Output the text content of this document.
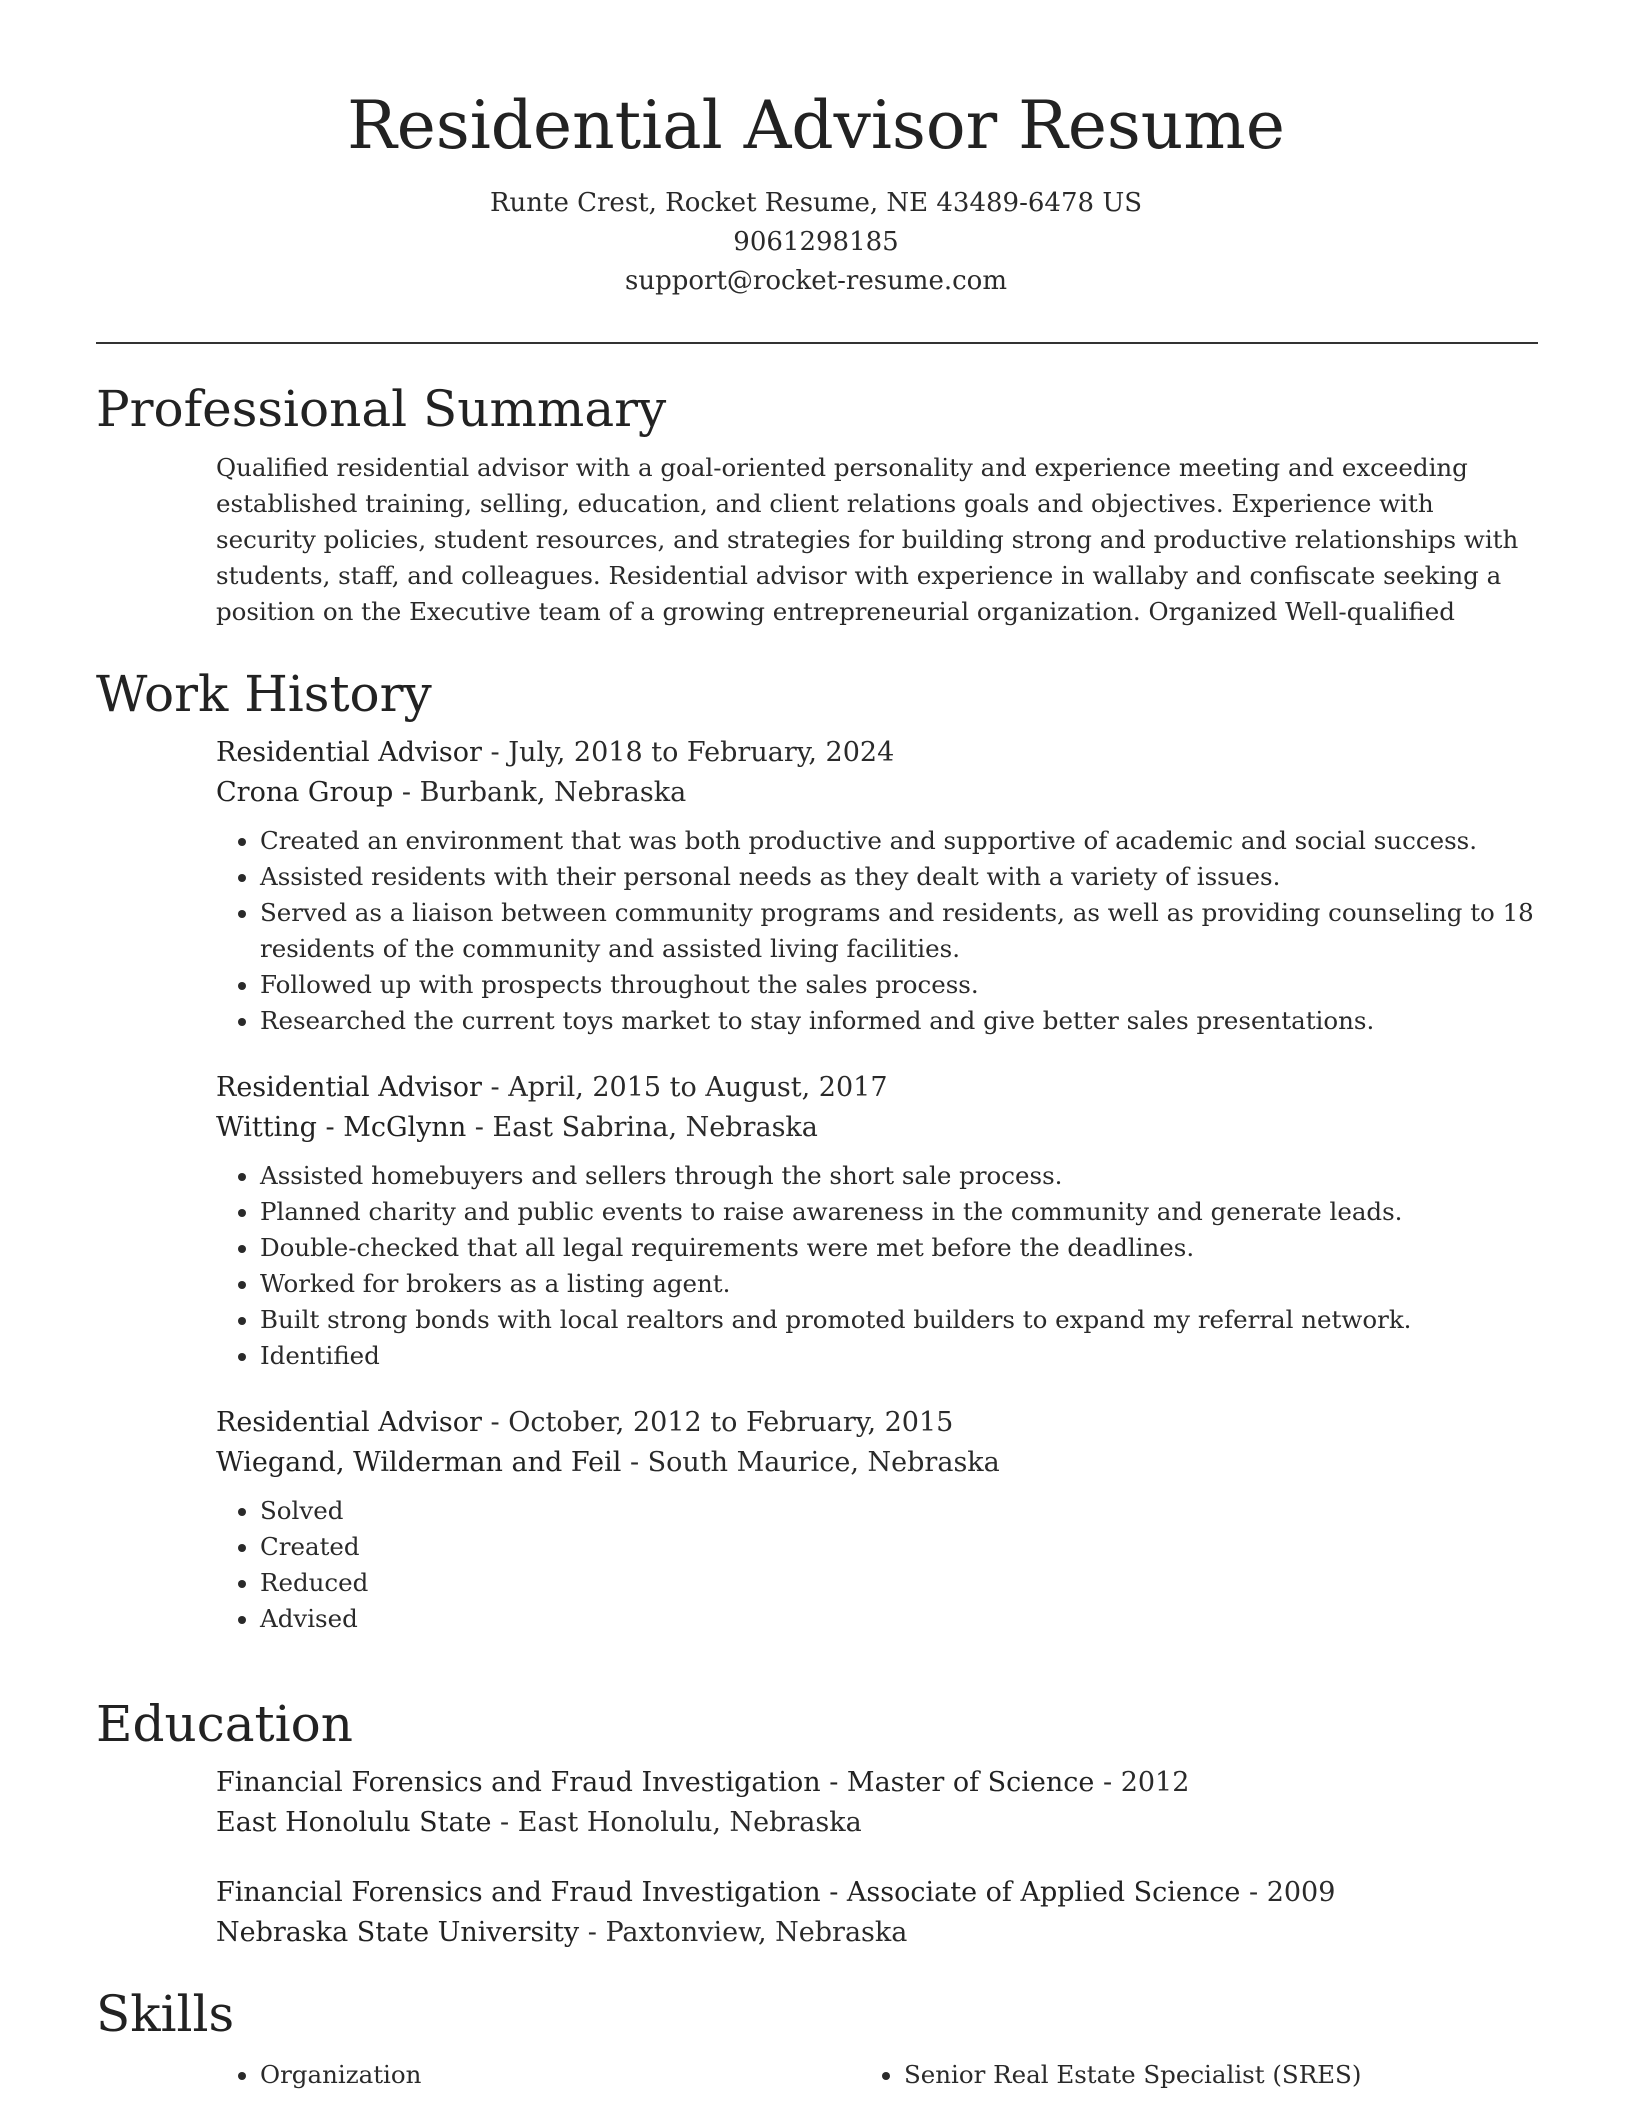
Residential Advisor Resume
Runte Crest, Rocket Resume, NE 43489-6478 US
9061298185
support@rocket-resume.com
Professional Summary
Qualified residential advisor with a goal-oriented personality and experience meeting and exceeding established training, selling, education, and client relations goals and objectives. Experience with security policies, student resources, and strategies for building strong and productive relationships with students, staff, and colleagues. Residential advisor with experience in wallaby and confiscate seeking a position on the Executive team of a growing entrepreneurial organization. Organized Well-qualified
Work History
Residential Advisor - July, 2018 to February, 2024
Crona Group - Burbank, Nebraska
• Created an environment that was both productive and supportive of academic and social success.
• Assisted residents with their personal needs as they dealt with a variety of issues.
• Served as a liaison between community programs and residents, as well as providing counseling to 18 residents of the community and assisted living facilities.
• Followed up with prospects throughout the sales process.
• Researched the current toys market to stay informed and give better sales presentations.
Residential Advisor - April, 2015 to August, 2017
Witting - McGlynn - East Sabrina, Nebraska
• Assisted homebuyers and sellers through the short sale process.
• Planned charity and public events to raise awareness in the community and generate leads.
• Double-checked that all legal requirements were met before the deadlines.
• Worked for brokers as a listing agent.
• Built strong bonds with local realtors and promoted builders to expand my referral network.
• Identified
Residential Advisor - October, 2012 to February, 2015
Wiegand, Wilderman and Feil - South Maurice, Nebraska
• Solved
• Created
• Reduced
• Advised
Education
Financial Forensics and Fraud Investigation - Master of Science - 2012
East Honolulu State - East Honolulu, Nebraska
Financial Forensics and Fraud Investigation - Associate of Applied Science - 2009
Nebraska State University - Paxtonview, Nebraska
Skills
• Organization
•	Senior Real Estate Specialist (SRES)
